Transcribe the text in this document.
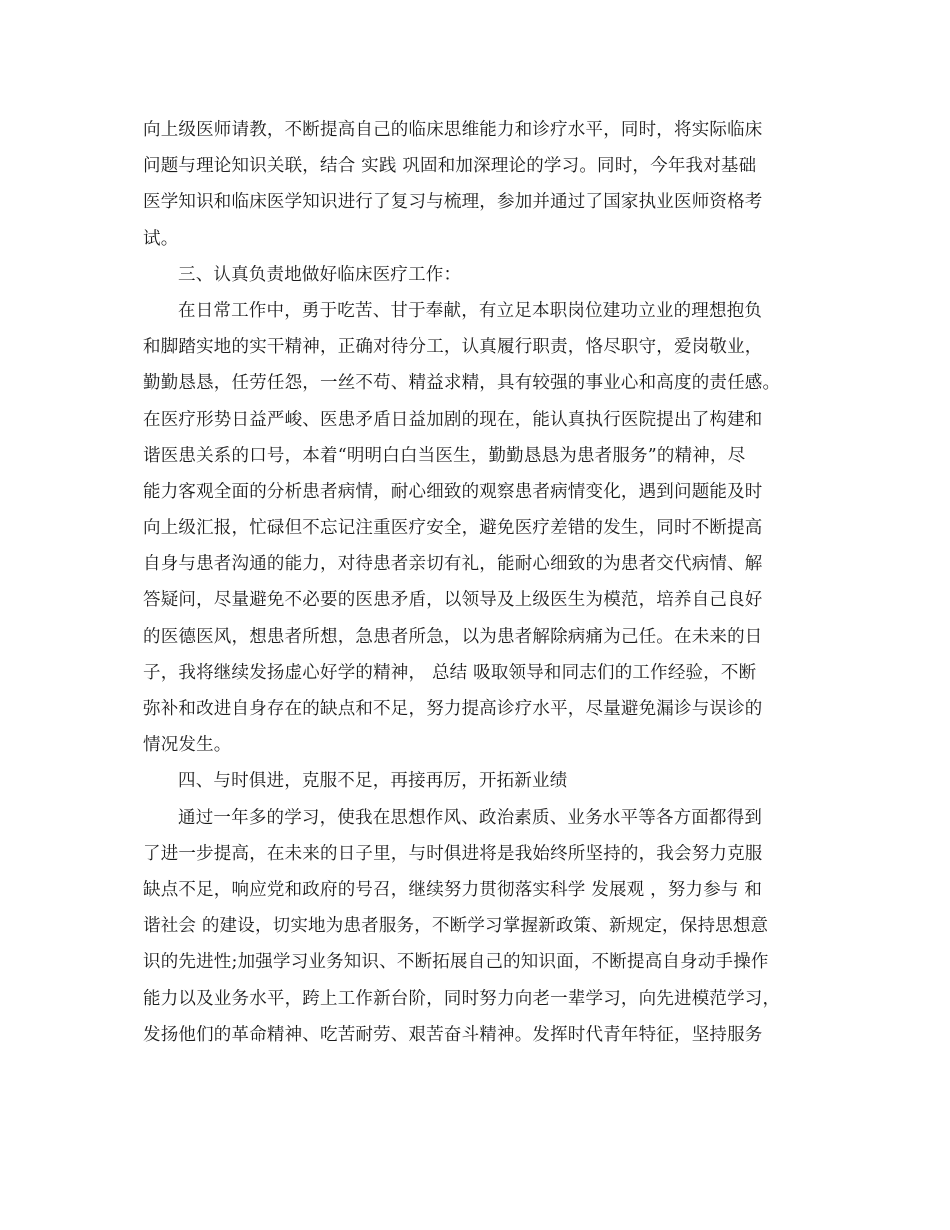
向上级医师请教，不断提高自己的临床思维能力和诊疗水平，同时，将实际临床
问题与理论知识关联，结合 实践 巩固和加深理论的学习。同时，今年我对基础
医学知识和临床医学知识进行了复习与梳理，参加并通过了国家执业医师资格考
试。
三、认真负责地做好临床医疗工作：
在日常工作中，勇于吃苦、甘于奉献，有立足本职岗位建功立业的理想抱负
和脚踏实地的实干精神，正确对待分工，认真履行职责，恪尽职守，爱岗敬业，
勤勤恳恳，任劳任怨，一丝不苟、精益求精，具有较强的事业心和高度的责任感。
在医疗形势日益严峻、医患矛盾日益加剧的现在，能认真执行医院提出了构建和
谐医患关系的口号，本着“明明白白当医生，勤勤恳恳为患者服务”的精神，尽
能力客观全面的分析患者病情，耐心细致的观察患者病情变化，遇到问题能及时
向上级汇报，忙碌但不忘记注重医疗安全，避免医疗差错的发生，同时不断提高
自身与患者沟通的能力，对待患者亲切有礼，能耐心细致的为患者交代病情、解
答疑问，尽量避免不必要的医患矛盾，以领导及上级医生为模范，培养自己良好
的医德医风，想患者所想，急患者所急，以为患者解除病痛为己任。在未来的日
子，我将继续发扬虚心好学的精神， 总结 吸取领导和同志们的工作经验，不断
弥补和改进自身存在的缺点和不足，努力提高诊疗水平，尽量避免漏诊与误诊的
情况发生。
四、与时俱进，克服不足，再接再厉，开拓新业绩
通过一年多的学习，使我在思想作风、政治素质、业务水平等各方面都得到
了进一步提高，在未来的日子里，与时俱进将是我始终所坚持的，我会努力克服
缺点不足，响应党和政府的号召，继续努力贯彻落实科学 发展观 ，努力参与 和
谐社会 的建设，切实地为患者服务，不断学习掌握新政策、新规定，保持思想意
识的先进性;加强学习业务知识、不断拓展自己的知识面，不断提高自身动手操作
能力以及业务水平，跨上工作新台阶，同时努力向老一辈学习，向先进模范学习，
发扬他们的革命精神、吃苦耐劳、艰苦奋斗精神。发挥时代青年特征，坚持服务
